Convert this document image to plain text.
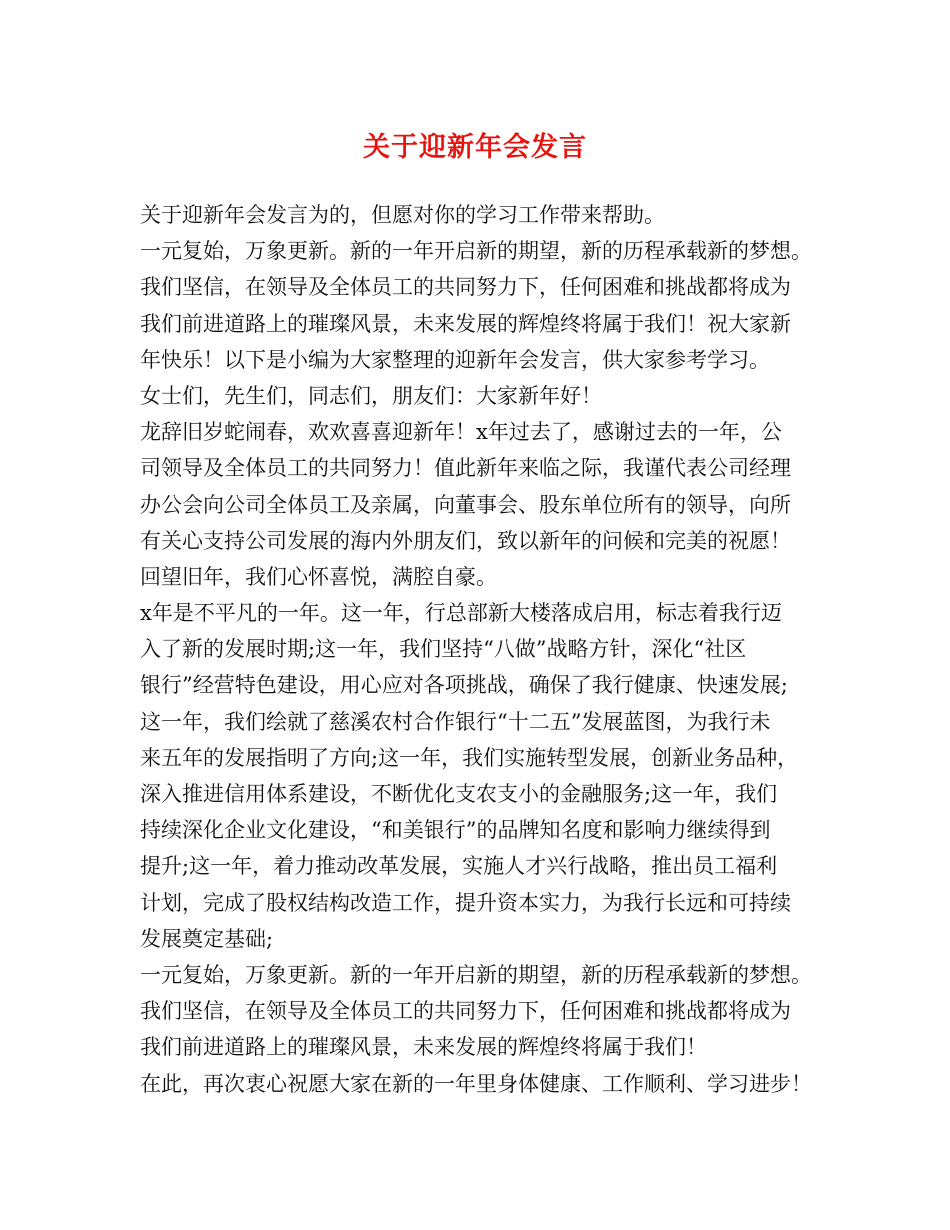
关于迎新年会发言
关于迎新年会发言为的，但愿对你的学习工作带来帮助。
一元复始，万象更新。新的一年开启新的期望，新的历程承载新的梦想。
我们坚信，在领导及全体员工的共同努力下，任何困难和挑战都将成为
我们前进道路上的璀璨风景，未来发展的辉煌终将属于我们！祝大家新
年快乐！以下是小编为大家整理的迎新年会发言，供大家参考学习。
女士们，先生们，同志们，朋友们：大家新年好！
龙辞旧岁蛇闹春，欢欢喜喜迎新年！x年过去了，感谢过去的一年，公
司领导及全体员工的共同努力！值此新年来临之际，我谨代表公司经理
办公会向公司全体员工及亲属，向董事会、股东单位所有的领导，向所
有关心支持公司发展的海内外朋友们，致以新年的问候和完美的祝愿！
回望旧年，我们心怀喜悦，满腔自豪。
x年是不平凡的一年。这一年，行总部新大楼落成启用，标志着我行迈
入了新的发展时期;这一年，我们坚持“八做”战略方针，深化“社区
银行”经营特色建设，用心应对各项挑战，确保了我行健康、快速发展;
这一年，我们绘就了慈溪农村合作银行“十二五”发展蓝图，为我行未
来五年的发展指明了方向;这一年，我们实施转型发展，创新业务品种，
深入推进信用体系建设，不断优化支农支小的金融服务;这一年，我们
持续深化企业文化建设，“和美银行”的品牌知名度和影响力继续得到
提升;这一年，着力推动改革发展，实施人才兴行战略，推出员工福利
计划，完成了股权结构改造工作，提升资本实力，为我行长远和可持续
发展奠定基础;
一元复始，万象更新。新的一年开启新的期望，新的历程承载新的梦想。
我们坚信，在领导及全体员工的共同努力下，任何困难和挑战都将成为
我们前进道路上的璀璨风景，未来发展的辉煌终将属于我们！
在此，再次衷心祝愿大家在新的一年里身体健康、工作顺利、学习进步！
